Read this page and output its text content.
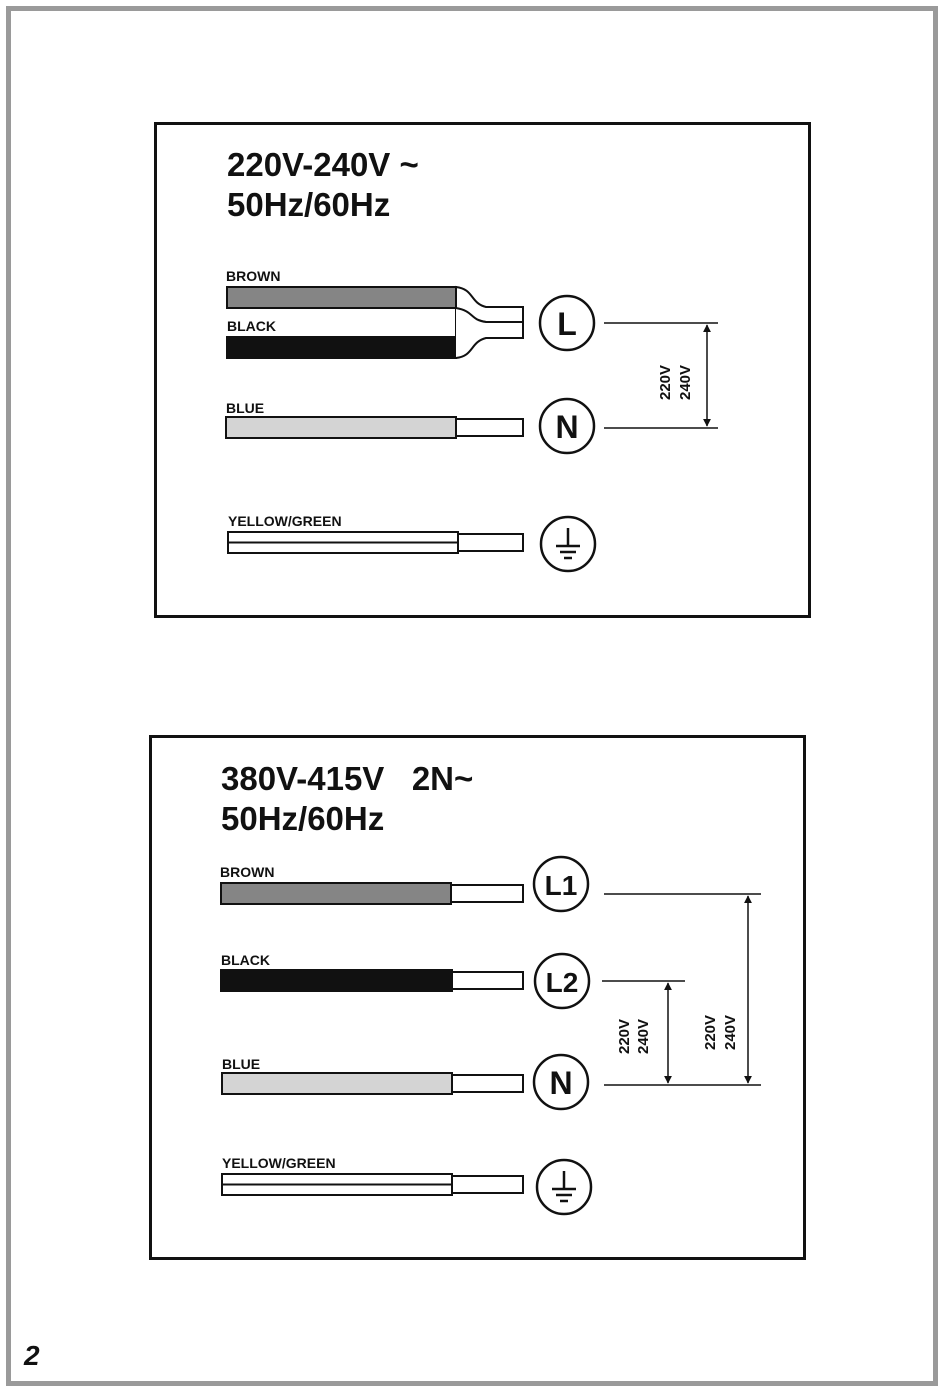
220V-240V ~
50Hz/60Hz
BROWN
BLACK
BLUE
YELLOW/GREEN
380V-415V   2N~
50Hz/60Hz
BROWN
BLACK
BLUE
YELLOW/GREEN
L
N
220V 240V
L1
L2
N
220V 240V	220V 240V
2
